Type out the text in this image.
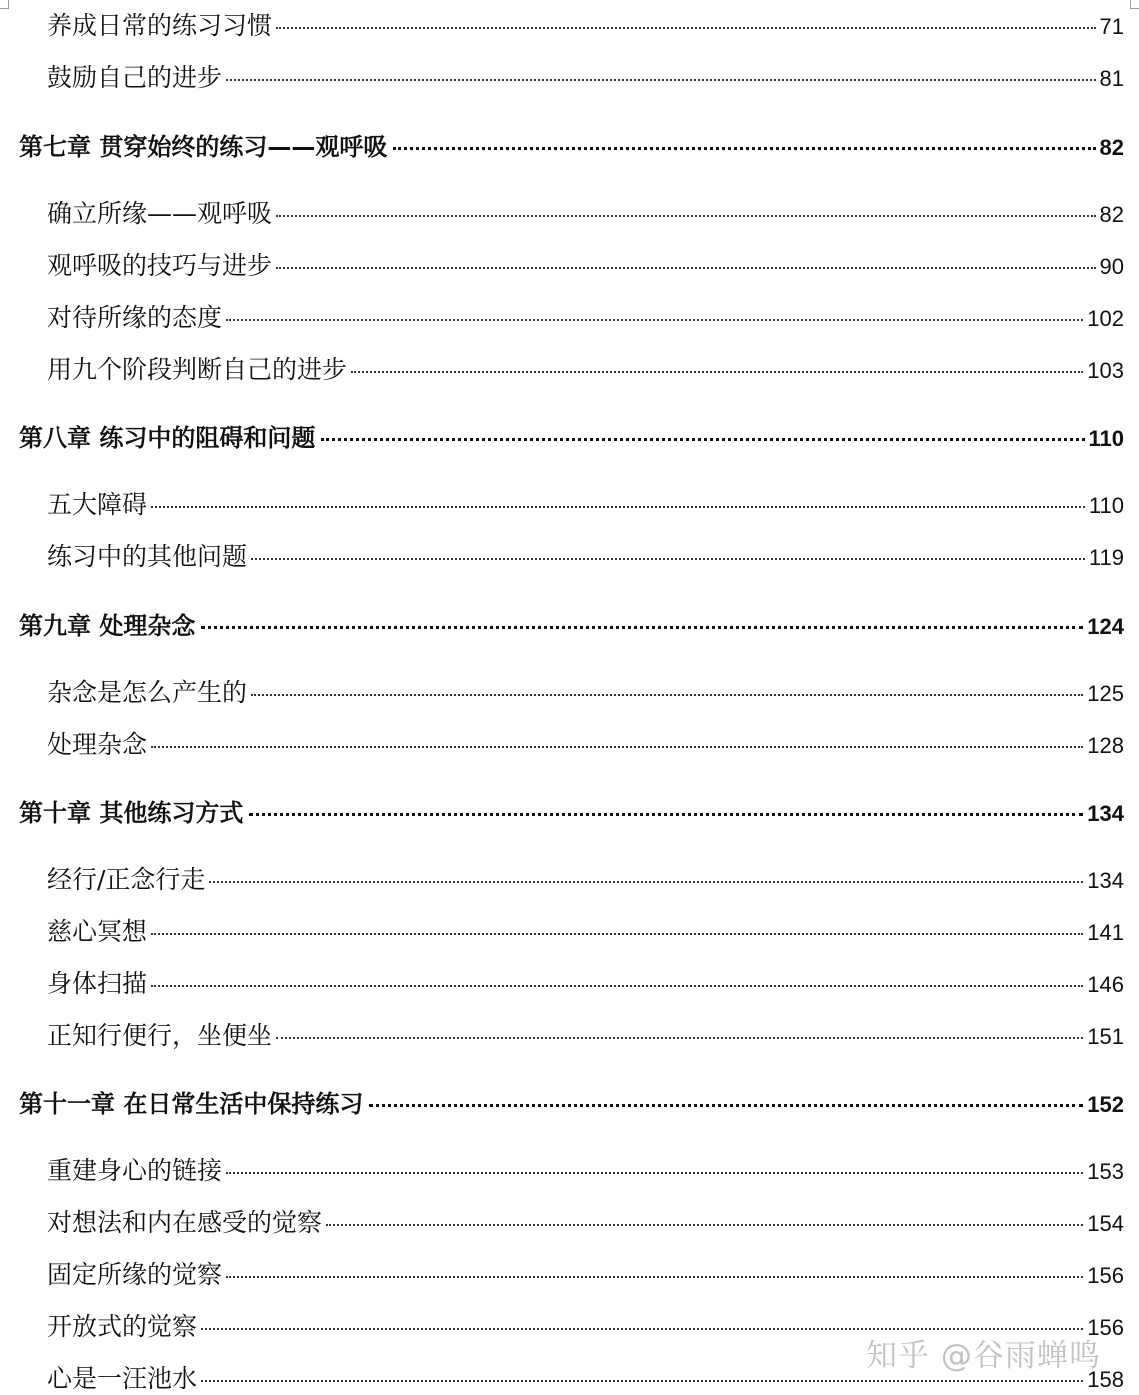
养成日常的练习习惯	71
鼓励自己的进步	81
第七章 贯穿始终的练习——观呼吸	82
确立所缘——观呼吸	82
观呼吸的技巧与进步	90
对待所缘的态度	102
用九个阶段判断自己的进步	103
第八章 练习中的阻碍和问题	110
五大障碍	110
练习中的其他问题	119
第九章 处理杂念	124
杂念是怎么产生的	125
处理杂念	128
第十章 其他练习方式	134
经行/正念行走	134
慈心冥想	141
身体扫描	146
正知行便行，坐便坐	151
第十一章 在日常生活中保持练习	152
重建身心的链接	153
对想法和内在感受的觉察	154
固定所缘的觉察	156
开放式的觉察	156
心是一汪池水	158
知乎 @谷雨蝉鸣
